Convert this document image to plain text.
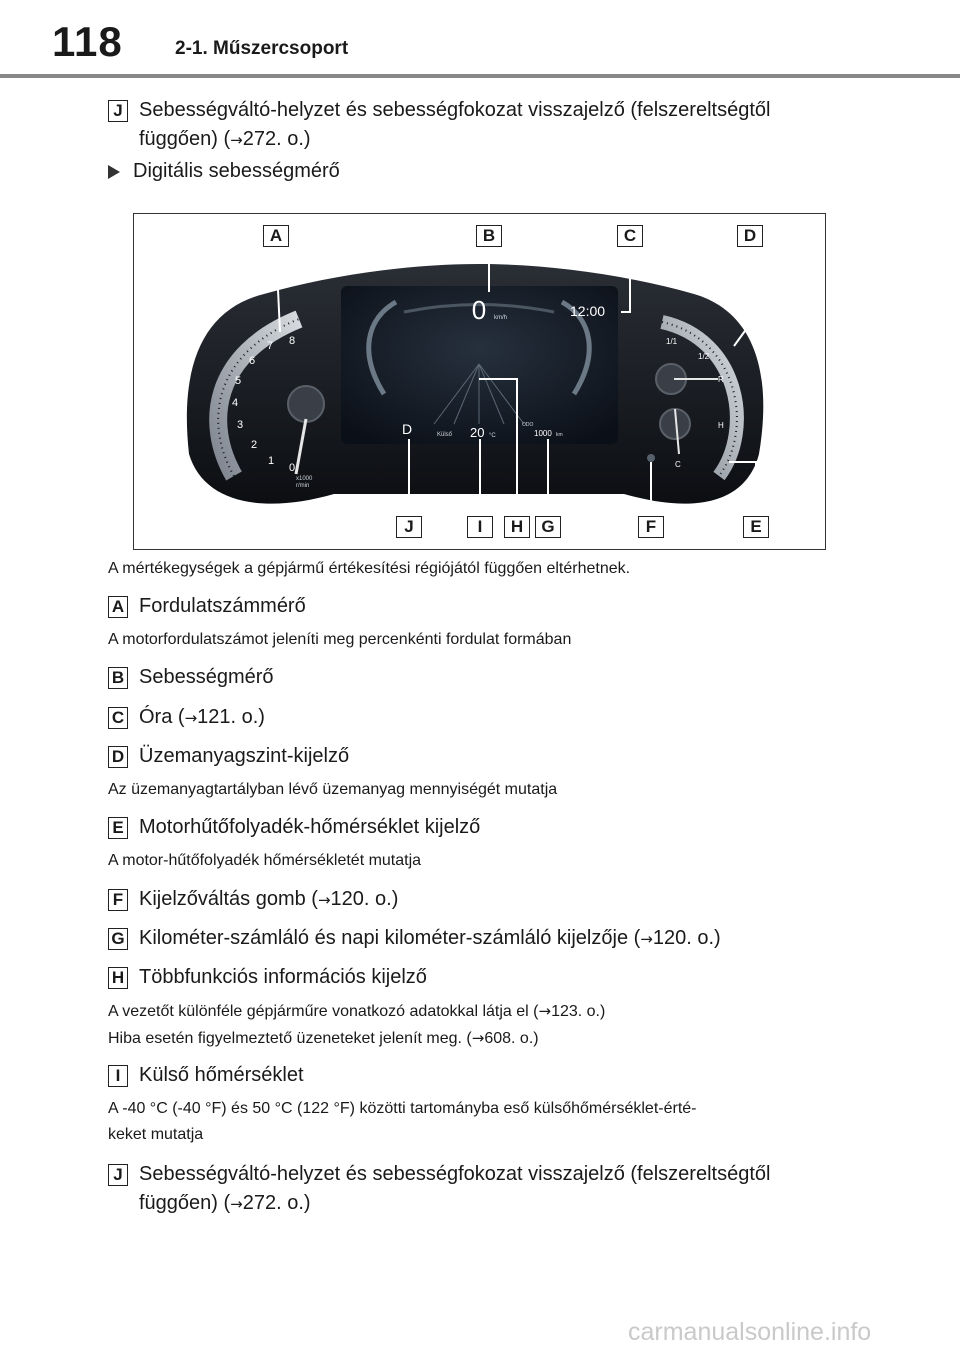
118	2-1. Műszercsoport
J Sebességváltó-helyzet és sebességfokozat visszajelző (felszereltségtől
függően) (→272. o.)
Digitális sebességmérő
0 km/h	12:00
D	Külső 20 °C
ODO
1000 km
0
1
2
3
4
5
6
7 8
x1000
r/min
1/1
1/2
R
H
C
A	B	C	D
J	I	H	G	F	E
A mértékegységek a gépjármű értékesítési régiójától függően eltérhetnek.
A Fordulatszámmérő
A motorfordulatszámot jeleníti meg percenkénti fordulat formában
B Sebességmérő
C Óra (→121. o.)
D Üzemanyagszint-kijelző
Az üzemanyagtartályban lévő üzemanyag mennyiségét mutatja
E Motorhűtőfolyadék-hőmérséklet kijelző
A motor-hűtőfolyadék hőmérsékletét mutatja
F Kijelzőváltás gomb (→120. o.)
G Kilométer-számláló és napi kilométer-számláló kijelzője (→120. o.)
H Többfunkciós információs kijelző
A vezetőt különféle gépjárműre vonatkozó adatokkal látja el (→123. o.)
Hiba esetén figyelmeztető üzeneteket jelenít meg. (→608. o.)
I Külső hőmérséklet
A -40 °C (-40 °F) és 50 °C (122 °F) közötti tartományba eső külsőhőmérséklet-érté-
keket mutatja
J Sebességváltó-helyzet és sebességfokozat visszajelző (felszereltségtől
függően) (→272. o.)
carmanualsonline.info
